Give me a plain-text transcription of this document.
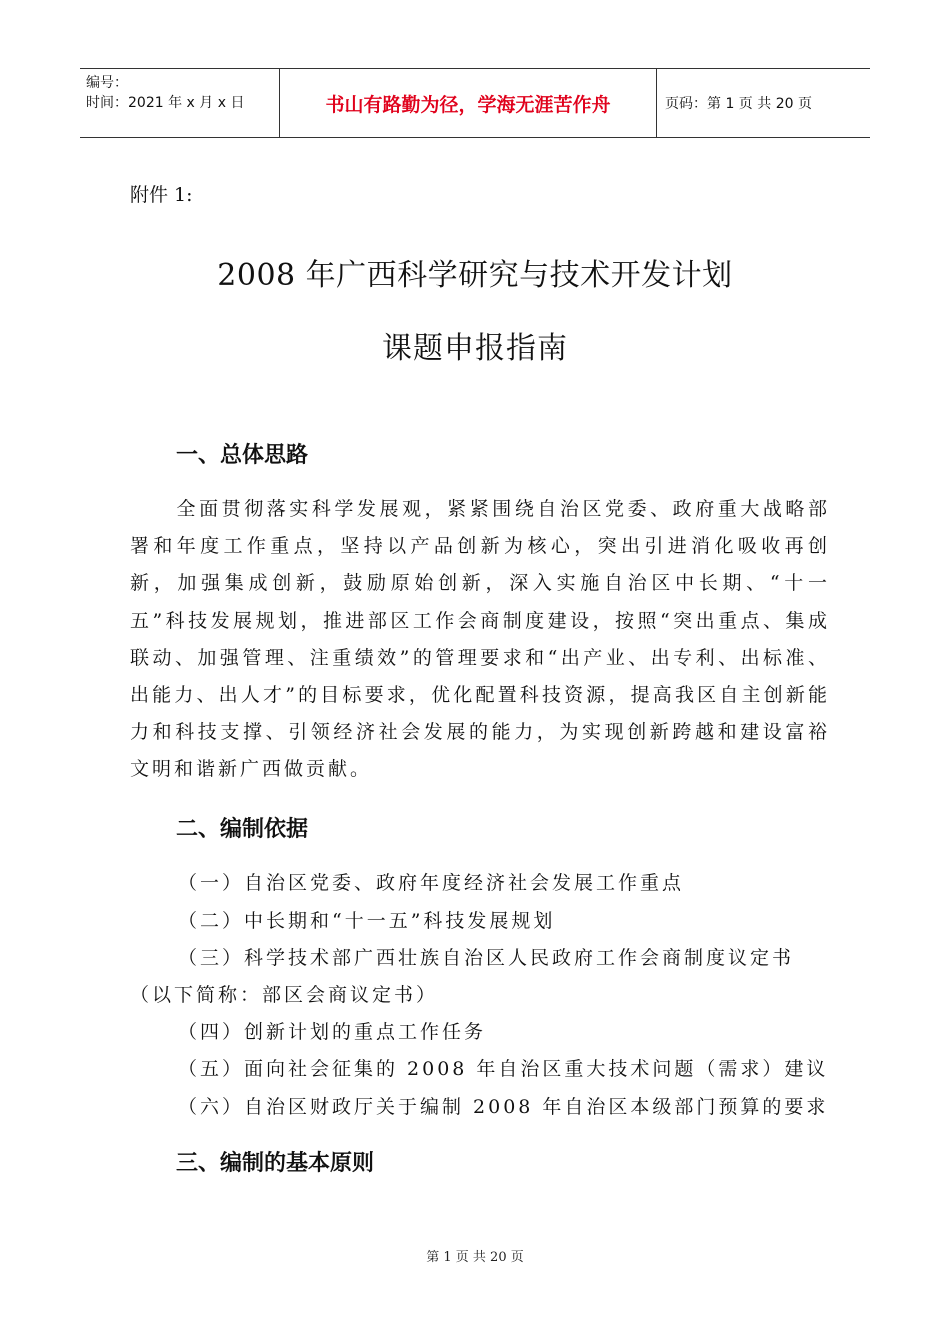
编号：
时间：2021 年 x 月 x 日	书山有路勤为径，学海无涯苦作舟	页码：第 1 页 共 20 页
附件 1:
2008 年广西科学研究与技术开发计划
课题申报指南
一、总体思路
全面贯彻落实科学发展观，紧紧围绕自治区党委、政府重大战略部署和年度工作重点，坚持以产品创新为核心，突出引进消化吸收再创新，加强集成创新，鼓励原始创新，深入实施自治区中长期、“十一五”科技发展规划，推进部区工作会商制度建设，按照“突出重点、集成联动、加强管理、注重绩效”的管理要求和“出产业、出专利、出标准、出能力、出人才”的目标要求，优化配置科技资源，提高我区自主创新能力和科技支撑、引领经济社会发展的能力，为实现创新跨越和建设富裕文明和谐新广西做贡献。
二、编制依据
（一）自治区党委、政府年度经济社会发展工作重点
（二）中长期和“十一五”科技发展规划
（三）科学技术部广西壮族自治区人民政府工作会商制度议定书
（以下简称：部区会商议定书）
（四）创新计划的重点工作任务
（五）面向社会征集的 2008 年自治区重大技术问题（需求）建议
（六）自治区财政厅关于编制 2008 年自治区本级部门预算的要求
三、编制的基本原则
第 1 页 共 20 页
